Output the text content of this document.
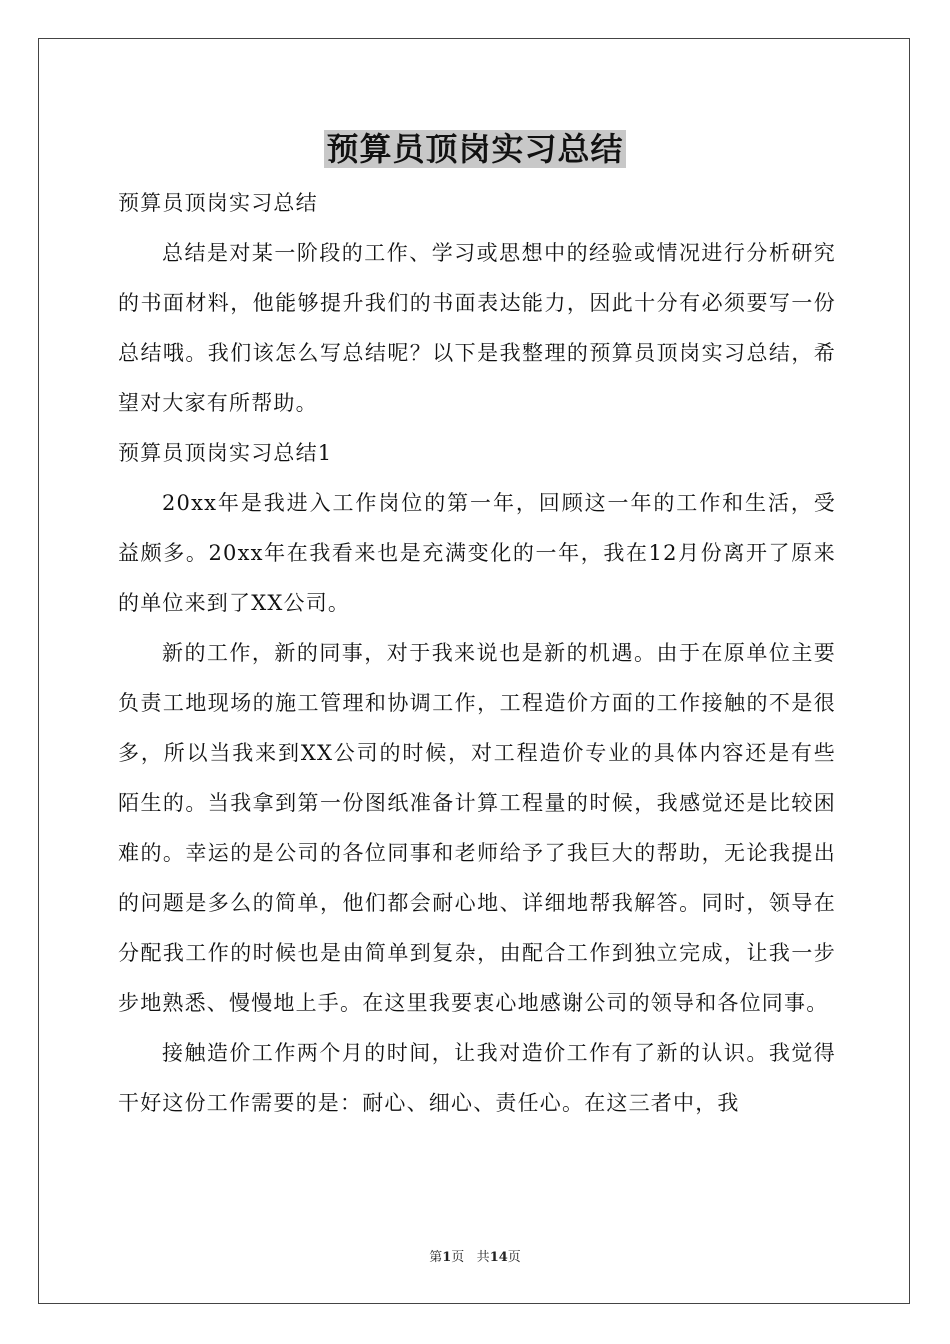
预算员顶岗实习总结

预算员顶岗实习总结

总结是对某一阶段的工作、学习或思想中的经验或情况进行分析研究的书面材料，他能够提升我们的书面表达能力，因此十分有必须要写一份总结哦。我们该怎么写总结呢？以下是我整理的预算员顶岗实习总结，希望对大家有所帮助。

预算员顶岗实习总结1

20xx年是我进入工作岗位的第一年，回顾这一年的工作和生活，受益颇多。20xx年在我看来也是充满变化的一年，我在12月份离开了原来的单位来到了XX公司。

新的工作，新的同事，对于我来说也是新的机遇。由于在原单位主要负责工地现场的施工管理和协调工作，工程造价方面的工作接触的不是很多，所以当我来到XX公司的时候，对工程造价专业的具体内容还是有些陌生的。当我拿到第一份图纸准备计算工程量的时候，我感觉还是比较困难的。幸运的是公司的各位同事和老师给予了我巨大的帮助，无论我提出的问题是多么的简单，他们都会耐心地、详细地帮我解答。同时，领导在分配我工作的时候也是由简单到复杂，由配合工作到独立完成，让我一步步地熟悉、慢慢地上手。在这里我要衷心地感谢公司的领导和各位同事。

接触造价工作两个月的时间，让我对造价工作有了新的认识。我觉得干好这份工作需要的是：耐心、细心、责任心。在这三者中，我

第1页 共14页
